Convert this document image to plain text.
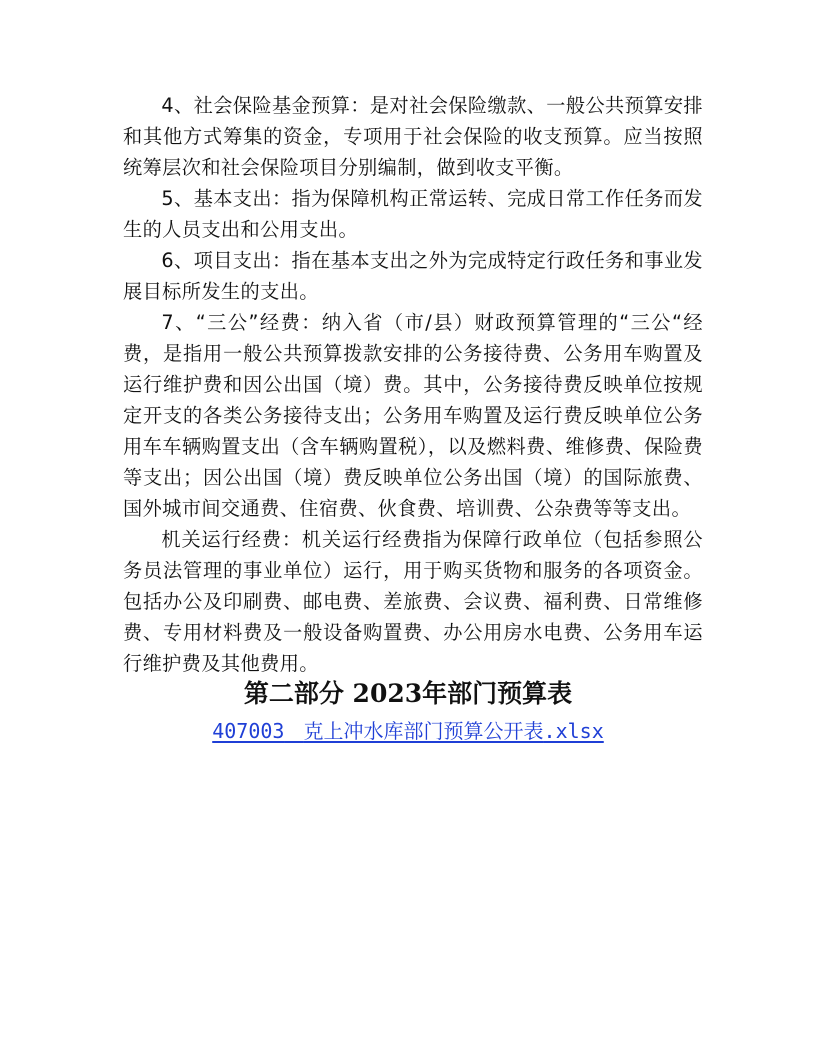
4、社会保险基金预算：是对社会保险缴款、一般公共预算安排和其他方式筹集的资金，专项用于社会保险的收支预算。应当按照统筹层次和社会保险项目分别编制，做到收支平衡。

5、基本支出：指为保障机构正常运转、完成日常工作任务而发生的人员支出和公用支出。

6、项目支出：指在基本支出之外为完成特定行政任务和事业发展目标所发生的支出。

7、“三公”经费：纳入省（市/县）财政预算管理的“三公“经费，是指用一般公共预算拨款安排的公务接待费、公务用车购置及运行维护费和因公出国（境）费。其中，公务接待费反映单位按规定开支的各类公务接待支出；公务用车购置及运行费反映单位公务用车车辆购置支出（含车辆购置税），以及燃料费、维修费、保险费等支出；因公出国（境）费反映单位公务出国（境）的国际旅费、国外城市间交通费、住宿费、伙食费、培训费、公杂费等等支出。

机关运行经费：机关运行经费指为保障行政单位（包括参照公务员法管理的事业单位）运行，用于购买货物和服务的各项资金。包括办公及印刷费、邮电费、差旅费、会议费、福利费、日常维修费、专用材料费及一般设备购置费、办公用房水电费、公务用车运行维护费及其他费用。

第二部分 2023年部门预算表
407003 克上冲水库部门预算公开表.xlsx
